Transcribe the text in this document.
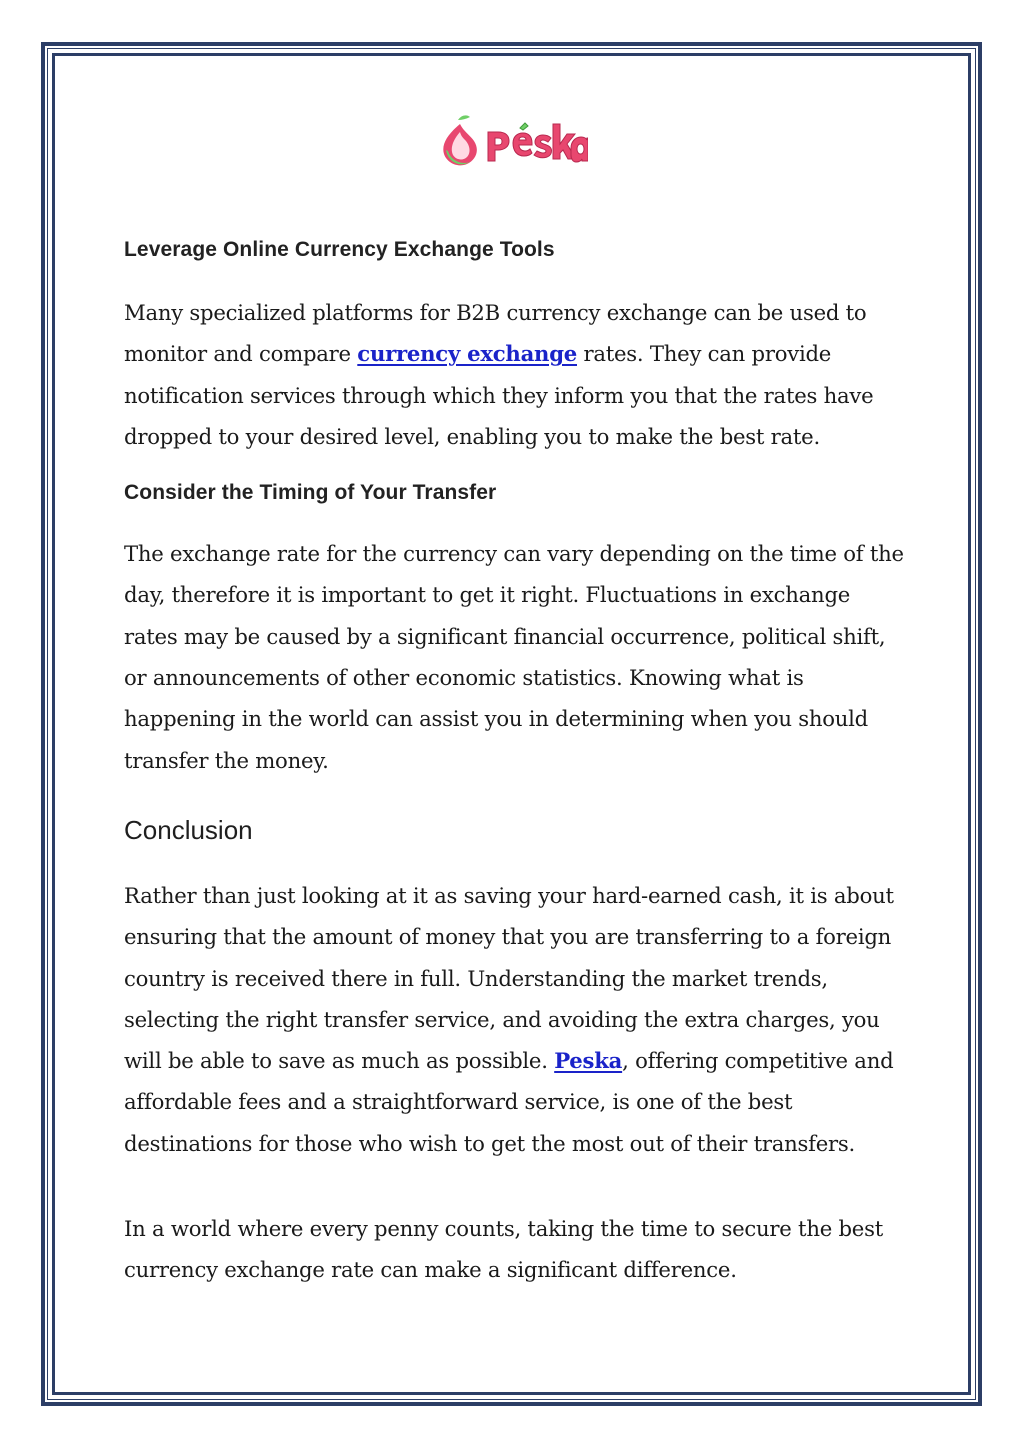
Leverage Online Currency Exchange Tools

Many specialized platforms for B2B currency exchange can be used to monitor and compare currency exchange rates. They can provide notification services through which they inform you that the rates have dropped to your desired level, enabling you to make the best rate.

Consider the Timing of Your Transfer

The exchange rate for the currency can vary depending on the time of the day, therefore it is important to get it right. Fluctuations in exchange rates may be caused by a significant financial occurrence, political shift, or announcements of other economic statistics. Knowing what is happening in the world can assist you in determining when you should transfer the money.

Conclusion

Rather than just looking at it as saving your hard-earned cash, it is about ensuring that the amount of money that you are transferring to a foreign country is received there in full. Understanding the market trends, selecting the right transfer service, and avoiding the extra charges, you will be able to save as much as possible. Peska, offering competitive and affordable fees and a straightforward service, is one of the best destinations for those who wish to get the most out of their transfers.

In a world where every penny counts, taking the time to secure the best currency exchange rate can make a significant difference.
